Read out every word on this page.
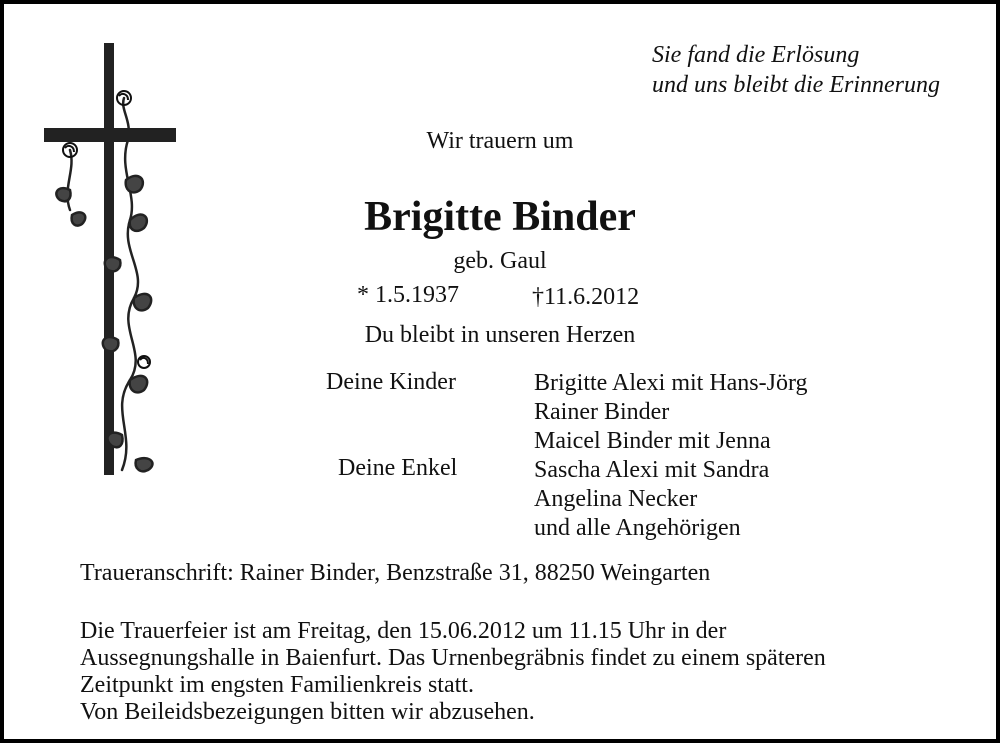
Sie fand die Erlösung
und uns bleibt die Erinnerung
Wir trauern um
Brigitte Binder
geb. Gaul
* 1.5.1937	†11.6.2012
Du bleibt in unseren Herzen
Deine Kinder
Deine Enkel
Brigitte Alexi mit Hans-Jörg
Rainer Binder
Maicel Binder mit Jenna
Sascha Alexi mit Sandra
Angelina Necker
und alle Angehörigen
Traueranschrift: Rainer Binder, Benzstraße 31, 88250 Weingarten
Die Trauerfeier ist am Freitag, den 15.06.2012 um 11.15 Uhr in der
Aussegnungshalle in Baienfurt. Das Urnenbegräbnis findet zu einem späteren
Zeitpunkt im engsten Familienkreis statt.
Von Beileidsbezeigungen bitten wir abzusehen.
